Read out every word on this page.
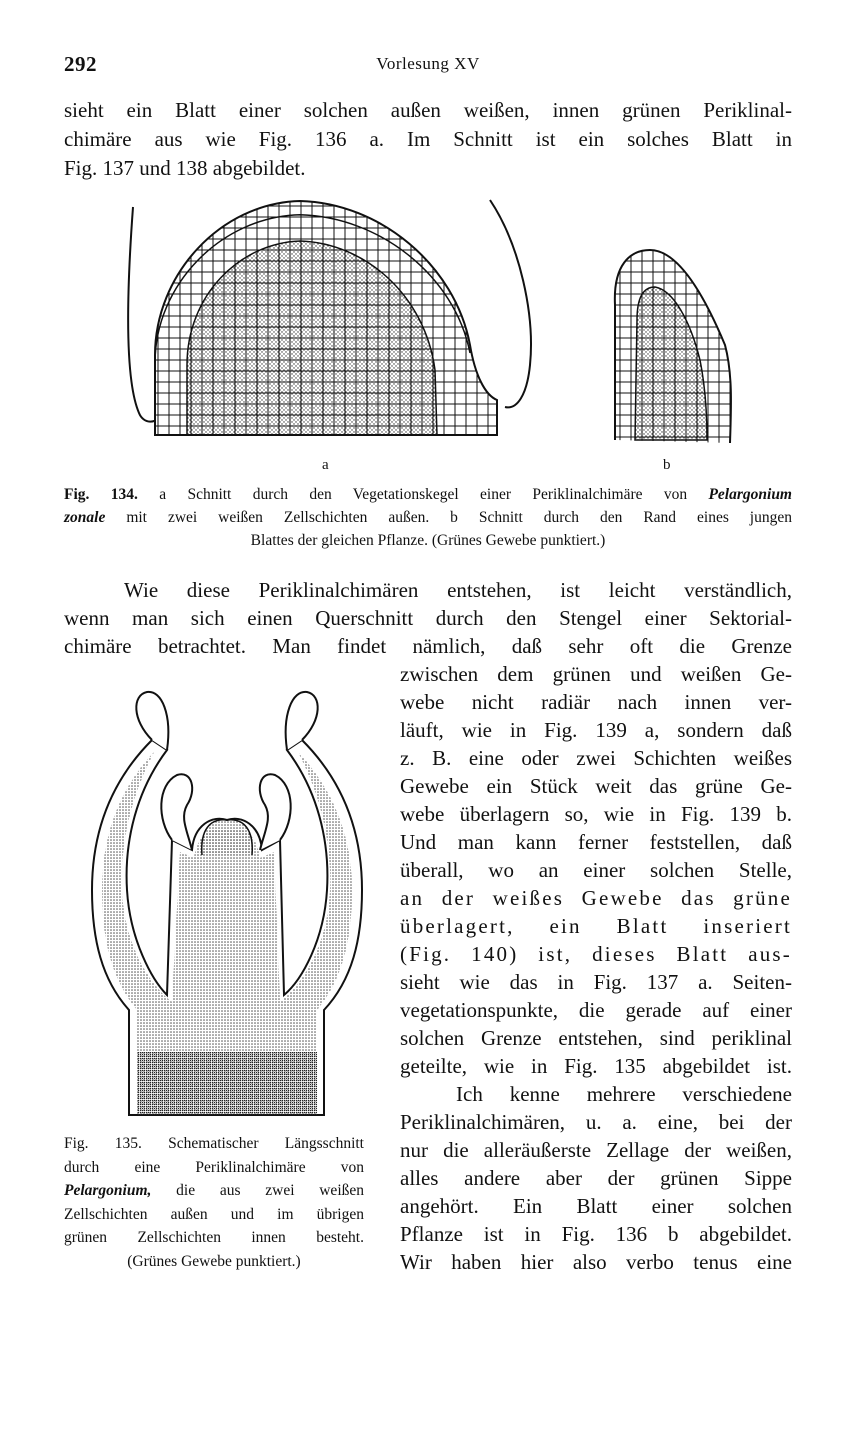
292	Vorlesung XV
sieht ein Blatt einer solchen außen weißen, innen grünen Periklinal-
chimäre aus wie Fig. 136 a. Im Schnitt ist ein solches Blatt in
Fig. 137 und 138 abgebildet.
a	b
Fig. 134. a Schnitt durch den Vegetationskegel einer Periklinalchimäre von Pelargonium
zonale mit zwei weißen Zellschichten außen. b Schnitt durch den Rand eines jungen
Blattes der gleichen Pflanze. (Grünes Gewebe punktiert.)
Wie diese Periklinalchimären entstehen, ist leicht verständlich,
wenn man sich einen Querschnitt durch den Stengel einer Sektorial-
chimäre betrachtet. Man findet nämlich, daß sehr oft die Grenze
Fig. 135. Schematischer Längsschnitt
durch eine Periklinalchimäre von
Pelargonium, die aus zwei weißen
Zellschichten außen und im übrigen
grünen Zellschichten innen besteht.
(Grünes Gewebe punktiert.)
zwischen dem grünen und weißen Ge-
webe nicht radiär nach innen ver-
läuft, wie in Fig. 139 a, sondern daß
z. B. eine oder zwei Schichten weißes
Gewebe ein Stück weit das grüne Ge-
webe überlagern so, wie in Fig. 139 b.
Und man kann ferner feststellen, daß
überall, wo an einer solchen Stelle,
an der weißes Gewebe das grüne
überlagert, ein Blatt inseriert
(Fig. 140) ist, dieses Blatt aus-
sieht wie das in Fig. 137 a. Seiten-
vegetationspunkte, die gerade auf einer
solchen Grenze entstehen, sind periklinal
geteilte, wie in Fig. 135 abgebildet ist.
Ich kenne mehrere verschiedene
Periklinalchimären, u. a. eine, bei der
nur die alleräußerste Zellage der weißen,
alles andere aber der grünen Sippe
angehört. Ein Blatt einer solchen
Pflanze ist in Fig. 136 b abgebildet.
Wir haben hier also verbo tenus eine
